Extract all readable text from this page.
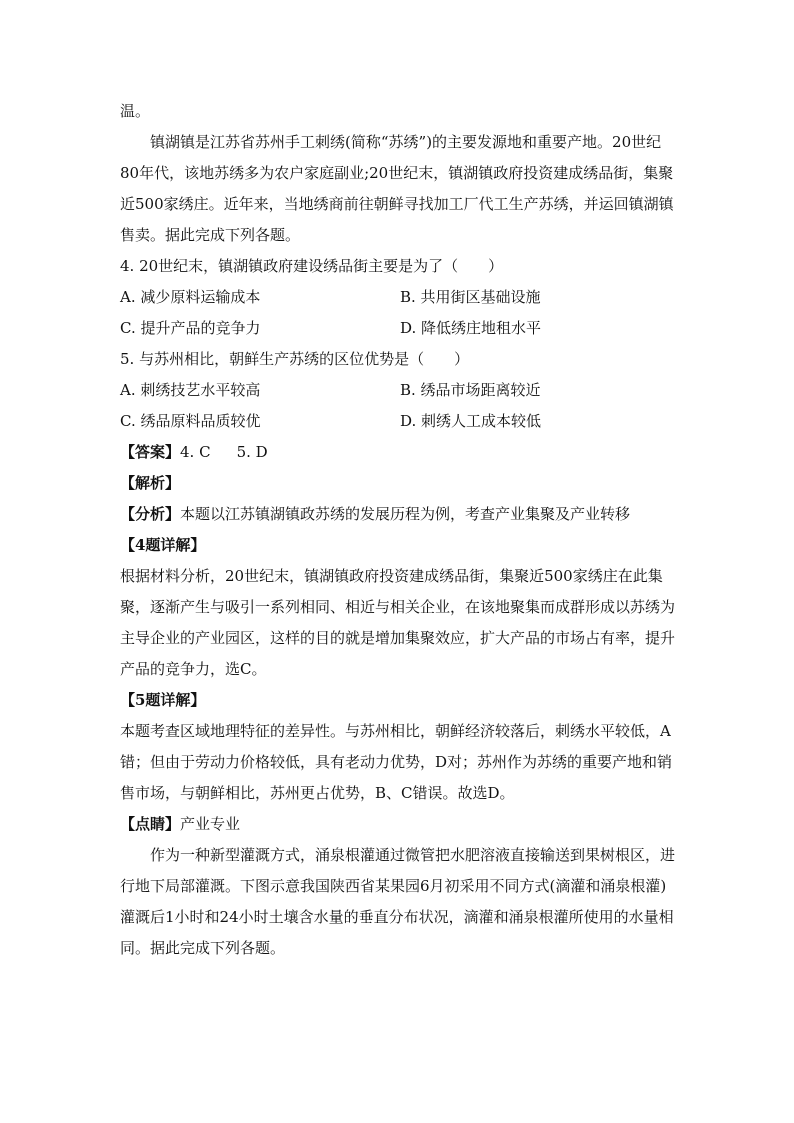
温。

镇湖镇是江苏省苏州手工刺绣(简称“苏绣”)的主要发源地和重要产地。20世纪80年代，该地苏绣多为农户家庭副业;20世纪末，镇湖镇政府投资建成绣品街，集聚近500家绣庄。近年来，当地绣商前往朝鲜寻找加工厂代工生产苏绣，并运回镇湖镇售卖。据此完成下列各题。

4. 20世纪末，镇湖镇政府建设绣品街主要是为了（　　）

A. 减少原料运输成本	B. 共用街区基础设施
C. 提升产品的竞争力	D. 降低绣庄地租水平

5. 与苏州相比，朝鲜生产苏绣的区位优势是（　　）

A. 刺绣技艺水平较高	B. 绣品市场距离较近
C. 绣品原料品质较优	D. 刺绣人工成本较低

【答案】4. C 5. D

【解析】

【分析】本题以江苏镇湖镇政苏绣的发展历程为例，考查产业集聚及产业转移

【4题详解】

根据材料分析，20世纪末，镇湖镇政府投资建成绣品街，集聚近500家绣庄在此集聚，逐渐产生与吸引一系列相同、相近与相关企业，在该地聚集而成群形成以苏绣为主导企业的产业园区，这样的目的就是增加集聚效应，扩大产品的市场占有率，提升产品的竞争力，选C。

【5题详解】

本题考查区域地理特征的差异性。与苏州相比，朝鲜经济较落后，刺绣水平较低，A错；但由于劳动力价格较低，具有老动力优势，D对；苏州作为苏绣的重要产地和销售市场，与朝鲜相比，苏州更占优势，B、C错误。故选D。

【点睛】产业专业

作为一种新型灌溉方式，涌泉根灌通过微管把水肥溶液直接输送到果树根区，进行地下局部灌溉。下图示意我国陕西省某果园6月初采用不同方式(滴灌和涌泉根灌)灌溉后1小时和24小时土壤含水量的垂直分布状况，滴灌和涌泉根灌所使用的水量相同。据此完成下列各题。
